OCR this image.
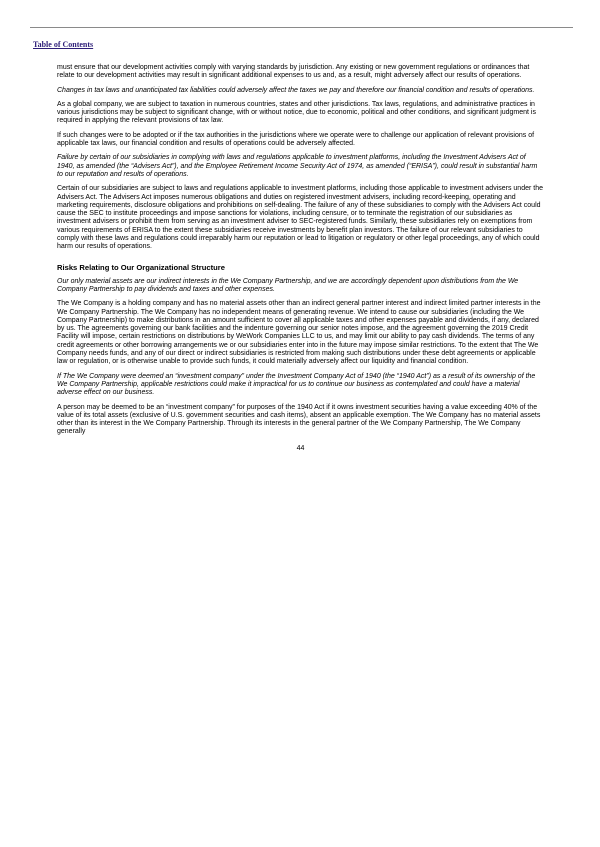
Table of Contents

must ensure that our development activities comply with varying standards by jurisdiction. Any existing or new government regulations or ordinances that relate to our development activities may result in significant additional expenses to us and, as a result, might adversely affect our results of operations.

Changes in tax laws and unanticipated tax liabilities could adversely affect the taxes we pay and therefore our financial condition and results of operations.

As a global company, we are subject to taxation in numerous countries, states and other jurisdictions. Tax laws, regulations, and administrative practices in various jurisdictions may be subject to significant change, with or without notice, due to economic, political and other conditions, and significant judgment is required in applying the relevant provisions of tax law.

If such changes were to be adopted or if the tax authorities in the jurisdictions where we operate were to challenge our application of relevant provisions of applicable tax laws, our financial condition and results of operations could be adversely affected.

Failure by certain of our subsidiaries in complying with laws and regulations applicable to investment platforms, including the Investment Advisers Act of 1940, as amended (the “Advisers Act”), and the Employee Retirement Income Security Act of 1974, as amended (“ERISA”), could result in substantial harm to our reputation and results of operations.

Certain of our subsidiaries are subject to laws and regulations applicable to investment platforms, including those applicable to investment advisers under the Advisers Act. The Advisers Act imposes numerous obligations and duties on registered investment advisers, including record-keeping, operating and marketing requirements, disclosure obligations and prohibitions on self-dealing. The failure of any of these subsidiaries to comply with the Advisers Act could cause the SEC to institute proceedings and impose sanctions for violations, including censure, or to terminate the registration of our subsidiaries as investment advisers or prohibit them from serving as an investment adviser to SEC-registered funds. Similarly, these subsidiaries rely on exemptions from various requirements of ERISA to the extent these subsidiaries receive investments by benefit plan investors. The failure of our relevant subsidiaries to comply with these laws and regulations could irreparably harm our reputation or lead to litigation or regulatory or other legal proceedings, any of which could harm our results of operations.

Risks Relating to Our Organizational Structure

Our only material assets are our indirect interests in the We Company Partnership, and we are accordingly dependent upon distributions from the We Company Partnership to pay dividends and taxes and other expenses.

The We Company is a holding company and has no material assets other than an indirect general partner interest and indirect limited partner interests in the We Company Partnership. The We Company has no independent means of generating revenue. We intend to cause our subsidiaries (including the We Company Partnership) to make distributions in an amount sufficient to cover all applicable taxes and other expenses payable and dividends, if any, declared by us. The agreements governing our bank facilities and the indenture governing our senior notes impose, and the agreement governing the 2019 Credit Facility will impose, certain restrictions on distributions by WeWork Companies LLC to us, and may limit our ability to pay cash dividends. The terms of any credit agreements or other borrowing arrangements we or our subsidiaries enter into in the future may impose similar restrictions. To the extent that The We Company needs funds, and any of our direct or indirect subsidiaries is restricted from making such distributions under these debt agreements or applicable law or regulation, or is otherwise unable to provide such funds, it could materially adversely affect our liquidity and financial condition.

If The We Company were deemed an “investment company” under the Investment Company Act of 1940 (the “1940 Act”) as a result of its ownership of the We Company Partnership, applicable restrictions could make it impractical for us to continue our business as contemplated and could have a material adverse effect on our business.

A person may be deemed to be an “investment company” for purposes of the 1940 Act if it owns investment securities having a value exceeding 40% of the value of its total assets (exclusive of U.S. government securities and cash items), absent an applicable exemption. The We Company has no material assets other than its interest in the We Company Partnership. Through its interests in the general partner of the We Company Partnership, The We Company generally

44
